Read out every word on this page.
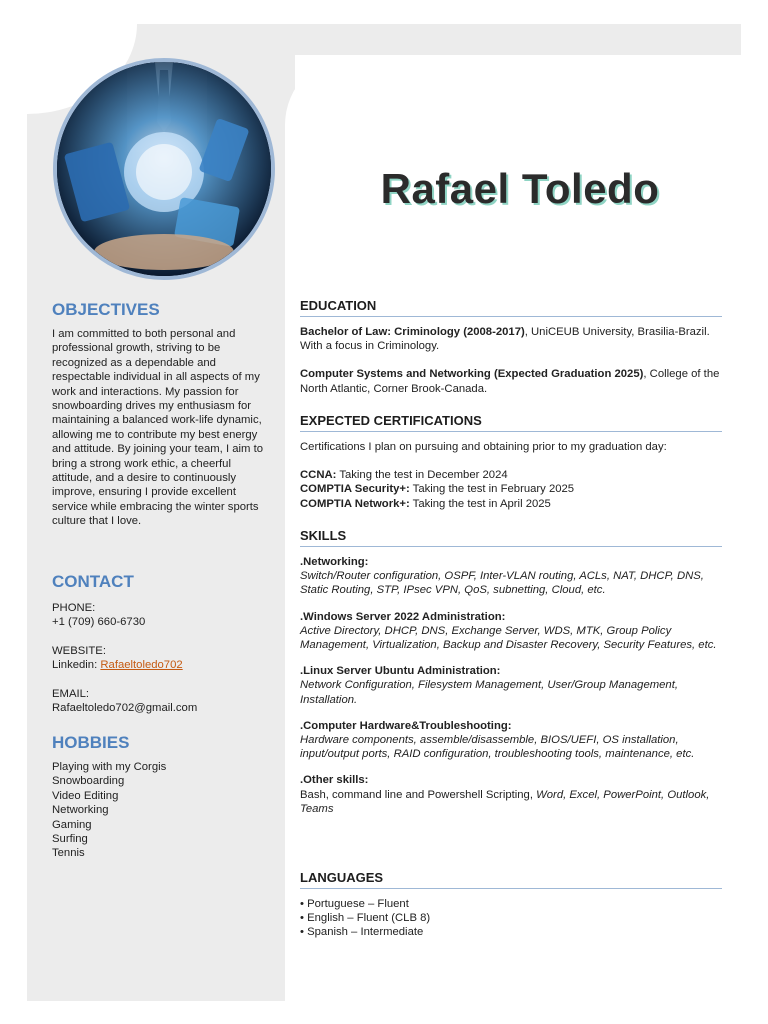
Rafael Toledo
OBJECTIVES
I am committed to both personal and professional growth, striving to be recognized as a dependable and respectable individual in all aspects of my work and interactions. My passion for snowboarding drives my enthusiasm for maintaining a balanced work-life dynamic, allowing me to contribute my best energy and attitude. By joining your team, I aim to bring a strong work ethic, a cheerful attitude, and a desire to continuously improve, ensuring I provide excellent service while embracing the winter sports culture that I love.
CONTACT
PHONE:
+1 (709) 660-6730
WEBSITE:
Linkedin: Rafaeltoledo702
EMAIL:
Rafaeltoledo702@gmail.com
HOBBIES
Playing with my Corgis
Snowboarding
Video Editing
Networking
Gaming
Surfing
Tennis
EDUCATION
Bachelor of Law: Criminology (2008-2017), UniCEUB University, Brasilia-Brazil. With a focus in Criminology.
Computer Systems and Networking (Expected Graduation 2025), College of the North Atlantic, Corner Brook-Canada.
EXPECTED CERTIFICATIONS
Certifications I plan on pursuing and obtaining prior to my graduation day:
CCNA: Taking the test in December 2024
COMPTIA Security+: Taking the test in February 2025
COMPTIA Network+: Taking the test in April 2025
SKILLS
.Networking:
Switch/Router configuration, OSPF, Inter-VLAN routing, ACLs, NAT, DHCP, DNS, Static Routing, STP, IPsec VPN, QoS, subnetting, Cloud, etc.
.Windows Server 2022 Administration:
Active Directory, DHCP, DNS, Exchange Server, WDS, MTK, Group Policy Management, Virtualization, Backup and Disaster Recovery, Security Features, etc.
.Linux Server Ubuntu Administration:
Network Configuration, Filesystem Management, User/Group Management, Installation.
.Computer Hardware&Troubleshooting:
Hardware components, assemble/disassemble, BIOS/UEFI, OS installation, input/output ports, RAID configuration, troubleshooting tools, maintenance, etc.
.Other skills:
Bash, command line and Powershell Scripting, Word, Excel, PowerPoint, Outlook, Teams
LANGUAGES
• Portuguese – Fluent
• English – Fluent (CLB 8)
• Spanish – Intermediate
